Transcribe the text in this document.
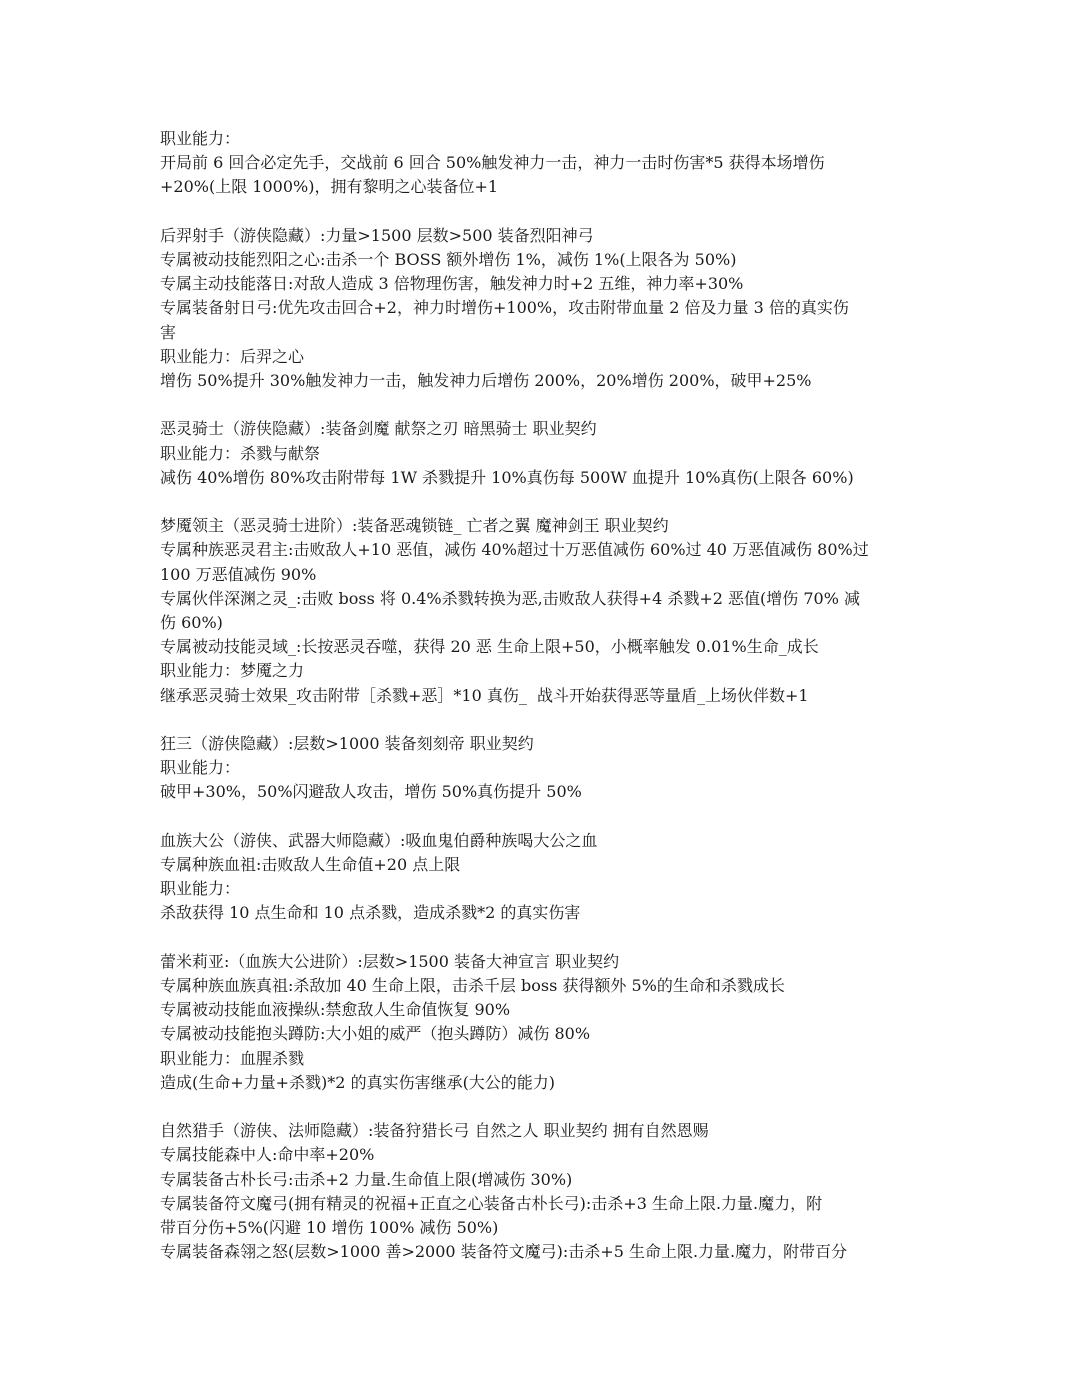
职业能力：
开局前 6 回合必定先手，交战前 6 回合 50%触发神力一击，神力一击时伤害*5 获得本场增伤
+20%(上限 1000%)，拥有黎明之心装备位+1
后羿射手（游侠隐藏）:力量>1500 层数>500 装备烈阳神弓
专属被动技能烈阳之心:击杀一个 BOSS 额外增伤 1%，减伤 1%(上限各为 50%)
专属主动技能落日:对敌人造成 3 倍物理伤害，触发神力时+2 五维，神力率+30%
专属装备射日弓:优先攻击回合+2，神力时增伤+100%，攻击附带血量 2 倍及力量 3 倍的真实伤
害
职业能力：后羿之心
增伤 50%提升 30%触发神力一击，触发神力后增伤 200%，20%增伤 200%，破甲+25%
恶灵骑士（游侠隐藏）:装备剑魔 献祭之刃 暗黑骑士 职业契约
职业能力：杀戮与献祭
减伤 40%增伤 80%攻击附带每 1W 杀戮提升 10%真伤每 500W 血提升 10%真伤(上限各 60%)
梦魇领主（恶灵骑士进阶）:装备恶魂锁链_ 亡者之翼 魔神剑王 职业契约
专属种族恶灵君主:击败敌人+10 恶值，减伤 40%超过十万恶值减伤 60%过 40 万恶值减伤 80%过
100 万恶值减伤 90%
专属伙伴深渊之灵_:击败 boss 将 0.4%杀戮转换为恶,击败敌人获得+4 杀戮+2 恶值(增伤 70% 减
伤 60%)
专属被动技能灵域_:长按恶灵吞噬，获得 20 恶 生命上限+50，小概率触发 0.01%生命_成长
职业能力：梦魇之力
继承恶灵骑士效果_攻击附带［杀戮+恶］*10 真伤_  战斗开始获得恶等量盾_上场伙伴数+1
狂三（游侠隐藏）:层数>1000 装备刻刻帝 职业契约
职业能力：
破甲+30%，50%闪避敌人攻击，增伤 50%真伤提升 50%
血族大公（游侠、武器大师隐藏）:吸血鬼伯爵种族喝大公之血
专属种族血祖:击败敌人生命值+20 点上限
职业能力：
杀敌获得 10 点生命和 10 点杀戮，造成杀戮*2 的真实伤害
蕾米莉亚:（血族大公进阶）:层数>1500 装备大神宣言 职业契约
专属种族血族真祖:杀敌加 40 生命上限，击杀千层 boss 获得额外 5%的生命和杀戮成长
专属被动技能血液操纵:禁愈敌人生命值恢复 90%
专属被动技能抱头蹲防:大小姐的威严（抱头蹲防）减伤 80%
职业能力：血腥杀戮
造成(生命+力量+杀戮)*2 的真实伤害继承(大公的能力)
自然猎手（游侠、法师隐藏）:装备狩猎长弓 自然之人 职业契约 拥有自然恩赐
专属技能森中人:命中率+20%
专属装备古朴长弓:击杀+2 力量.生命值上限(增减伤 30%)
专属装备符文魔弓(拥有精灵的祝福+正直之心装备古朴长弓):击杀+3 生命上限.力量.魔力，附
带百分伤+5%(闪避 10 增伤 100% 减伤 50%)
专属装备森翎之怒(层数>1000 善>2000 装备符文魔弓):击杀+5 生命上限.力量.魔力，附带百分
